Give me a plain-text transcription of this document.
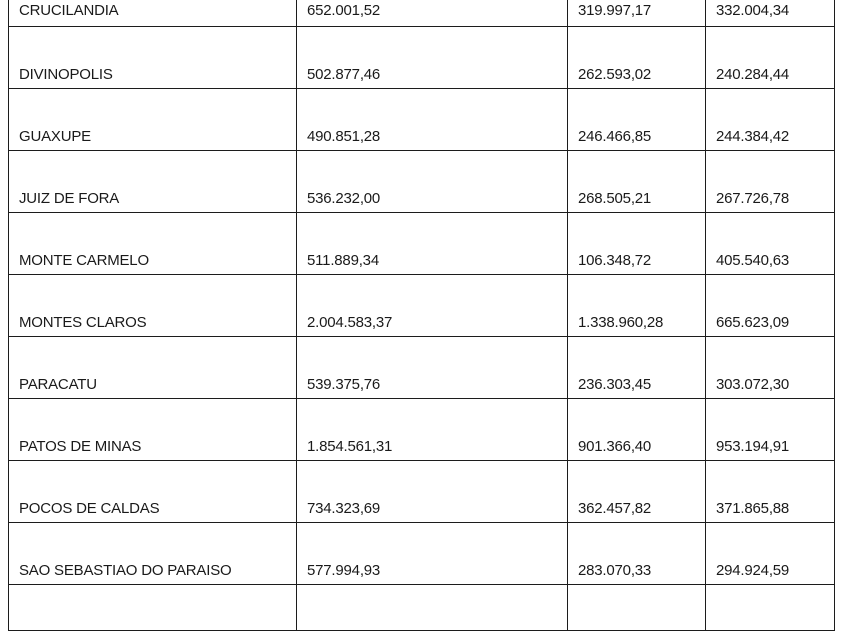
CRUCILANDIA	652.001,52	319.997,17	332.004,34
DIVINOPOLIS	502.877,46	262.593,02	240.284,44
GUAXUPE	490.851,28	246.466,85	244.384,42
JUIZ DE FORA	536.232,00	268.505,21	267.726,78
MONTE CARMELO	511.889,34	106.348,72	405.540,63
MONTES CLAROS	2.004.583,37	1.338.960,28	665.623,09
PARACATU	539.375,76	236.303,45	303.072,30
PATOS DE MINAS	1.854.561,31	901.366,40	953.194,91
POCOS DE CALDAS	734.323,69	362.457,82	371.865,88
SAO SEBASTIAO DO PARAISO	577.994,93	283.070,33	294.924,59
